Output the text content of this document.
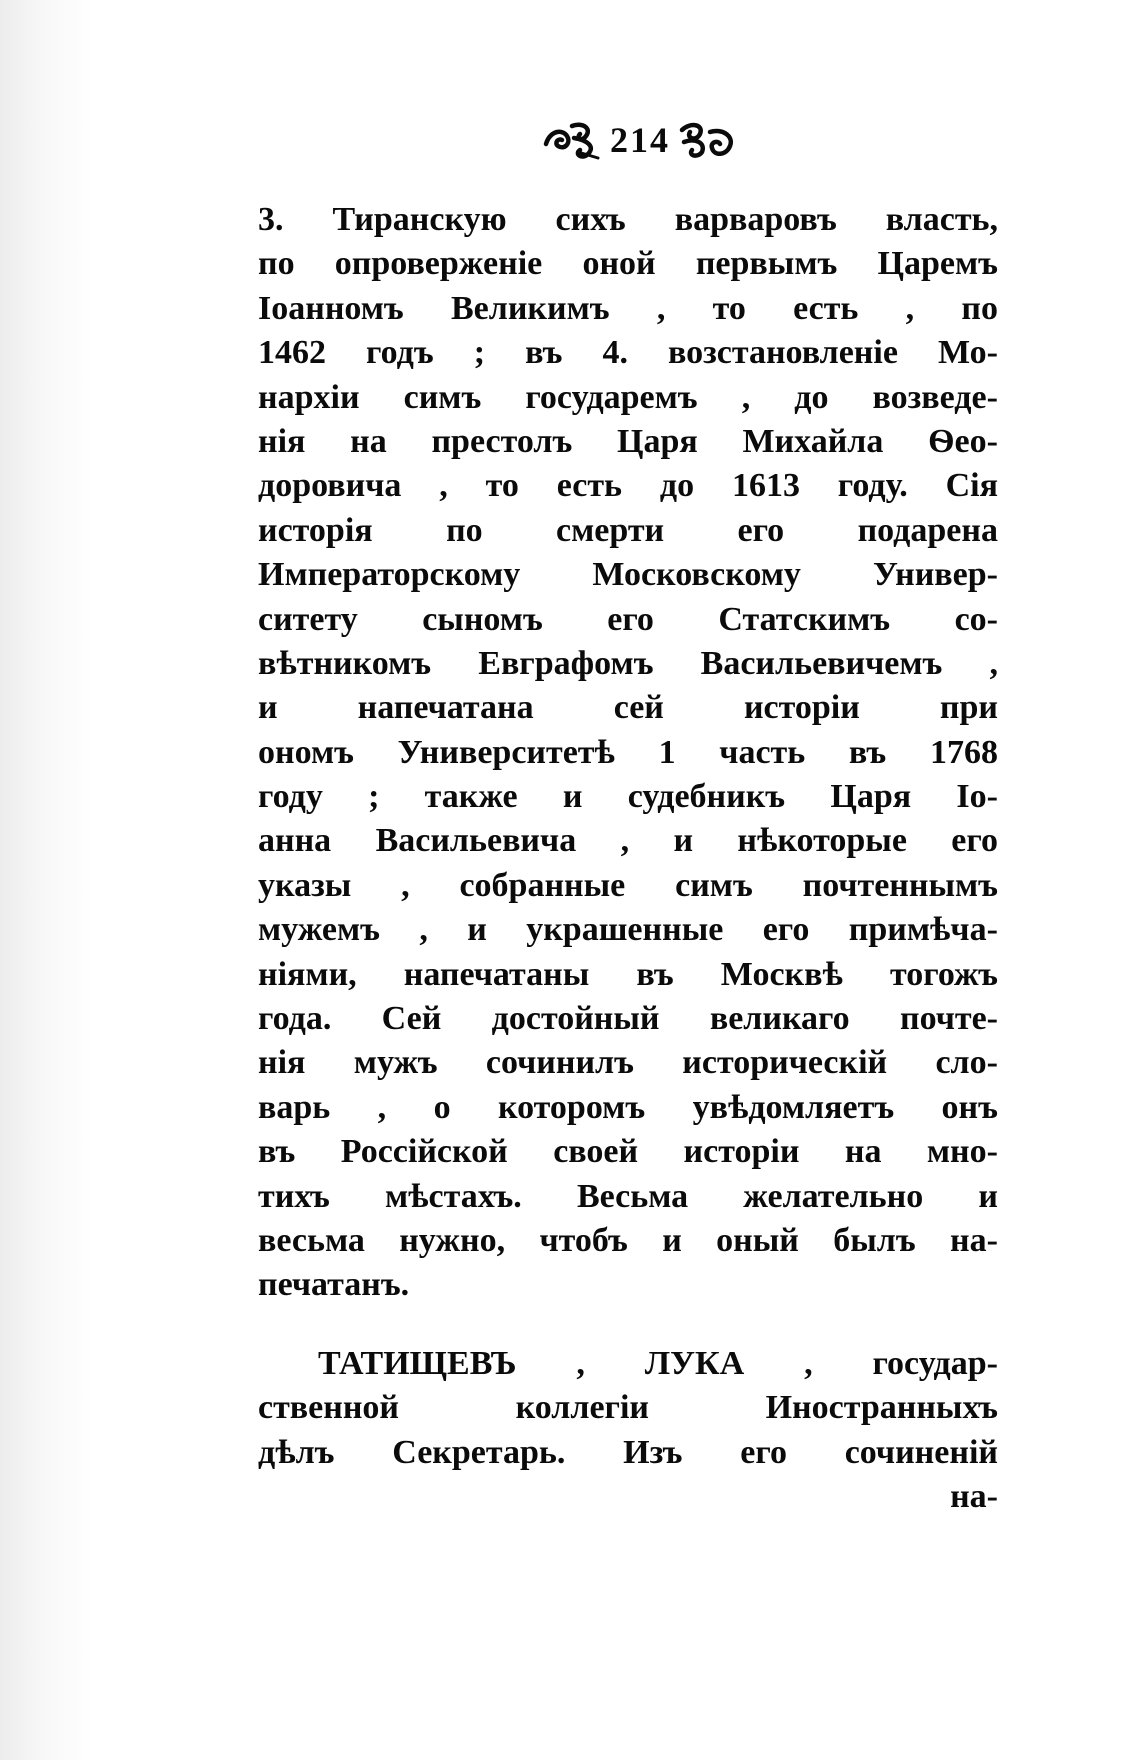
214
3. Тиранскую сихъ варваровъ власть,
по опроверженіе оной первымъ Царемъ
Іоанномъ Великимъ , то есть , по
1462 годъ ; въ 4. возстановленіе Мо-
нархіи симъ государемъ , до возведе-
нія на престолъ Царя Михайла Ѳео-
доровича , то есть до 1613 году. Сія
исторія по смерти его подарена
Императорскому Московскому Универ-
ситету сыномъ его Статскимъ со-
вѣтникомъ Евграфомъ Васильевичемъ ,
и напечатана сей исторіи при
ономъ Университетѣ 1 часть въ 1768
году ; также и судебникъ Царя Іо-
анна Васильевича , и нѣкоторые его
указы , собранные симъ почтеннымъ
мужемъ , и украшенные его примѣча-
ніями, напечатаны въ Москвѣ тогожъ
года. Сей достойный великаго почте-
нія мужъ сочинилъ историческій сло-
варь , о которомъ увѣдомляетъ онъ
въ Россійской своей исторіи на мно-
тихъ мѣстахъ. Весьма желательно и
весьма нужно, чтобъ и оный былъ на-
печатанъ.
ТАТИЩЕВЪ , ЛУКА , государ-
ственной	коллегіи	Иностранныхъ
дѣлъ Секретарь. Изъ его сочиненій
на-
